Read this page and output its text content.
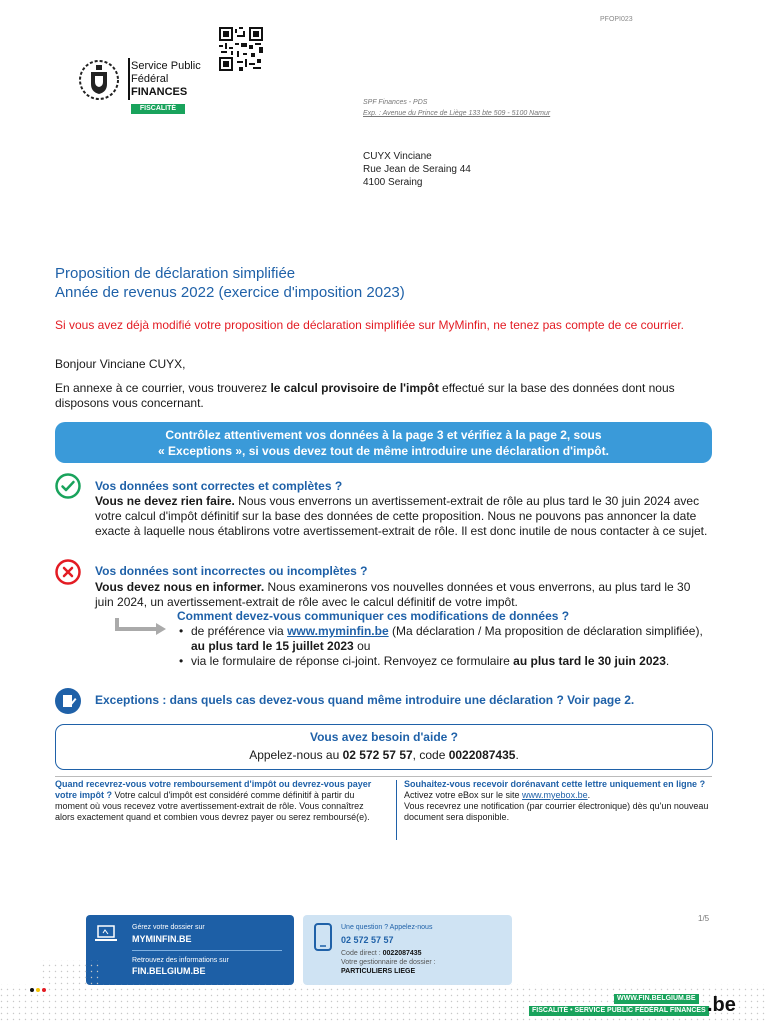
PFOPI023
Service Public
Fédéral
FINANCES
FISCALITÉ
SPF Finances - PDS
Exp. : Avenue du Prince de Liège 133 bte 509 - 5100 Namur
CUYX Vinciane
Rue Jean de Seraing 44
4100 Seraing
Proposition de déclaration simplifiée
Année de revenus 2022 (exercice d'imposition 2023)
Si vous avez déjà modifié votre proposition de déclaration simplifiée sur MyMinfin, ne tenez pas compte de ce courrier.
Bonjour Vinciane CUYX,
En annexe à ce courrier, vous trouverez le calcul provisoire de l'impôt effectué sur la base des données dont nous disposons vous concernant.
Contrôlez attentivement vos données à la page 3 et vérifiez à la page 2, sous
« Exceptions », si vous devez tout de même introduire une déclaration d'impôt.
Vos données sont correctes et complètes ?
Vous ne devez rien faire. Nous vous enverrons un avertissement-extrait de rôle au plus tard le 30 juin 2024 avec votre calcul d'impôt définitif sur la base des données de cette proposition. Nous ne pouvons pas annoncer la date exacte à laquelle nous établirons votre avertissement-extrait de rôle. Il est donc inutile de nous contacter à ce sujet.
Vos données sont incorrectes ou incomplètes ?
Vous devez nous en informer. Nous examinerons vos nouvelles données et vous enverrons, au plus tard le 30 juin 2024, un avertissement-extrait de rôle avec le calcul définitif de votre impôt.
Comment devez-vous communiquer ces modifications de données ?
• de préférence via www.myminfin.be (Ma déclaration / Ma proposition de déclaration simplifiée), au plus tard le 15 juillet 2023 ou
• via le formulaire de réponse ci-joint. Renvoyez ce formulaire au plus tard le 30 juin 2023.
Exceptions : dans quels cas devez-vous quand même introduire une déclaration ? Voir page 2.
Vous avez besoin d'aide ?
Appelez-nous au 02 572 57 57, code 0022087435.
Quand recevrez-vous votre remboursement d'impôt ou devrez-vous payer votre impôt ? Votre calcul d'impôt est considéré comme définitif à partir du moment où vous recevez votre avertissement-extrait de rôle. Vous connaîtrez alors exactement quand et combien vous devrez payer ou serez remboursé(e).
Souhaitez-vous recevoir dorénavant cette lettre uniquement en ligne ?
Activez votre eBox sur le site www.myebox.be.
Vous recevrez une notification (par courrier électronique) dès qu'un nouveau document sera disponible.
1/5
Gérez votre dossier sur
MYMINFIN.BE
Retrouvez des informations sur
FIN.BELGIUM.BE
Une question ? Appelez-nous
02 572 57 57
Code direct : 0022087435
Votre gestionnaire de dossier :
PARTICULIERS LIEGE
WWW.FIN.BELGIUM.BE
FISCALITÉ • SERVICE PUBLIC FÉDÉRAL FINANCES .be
